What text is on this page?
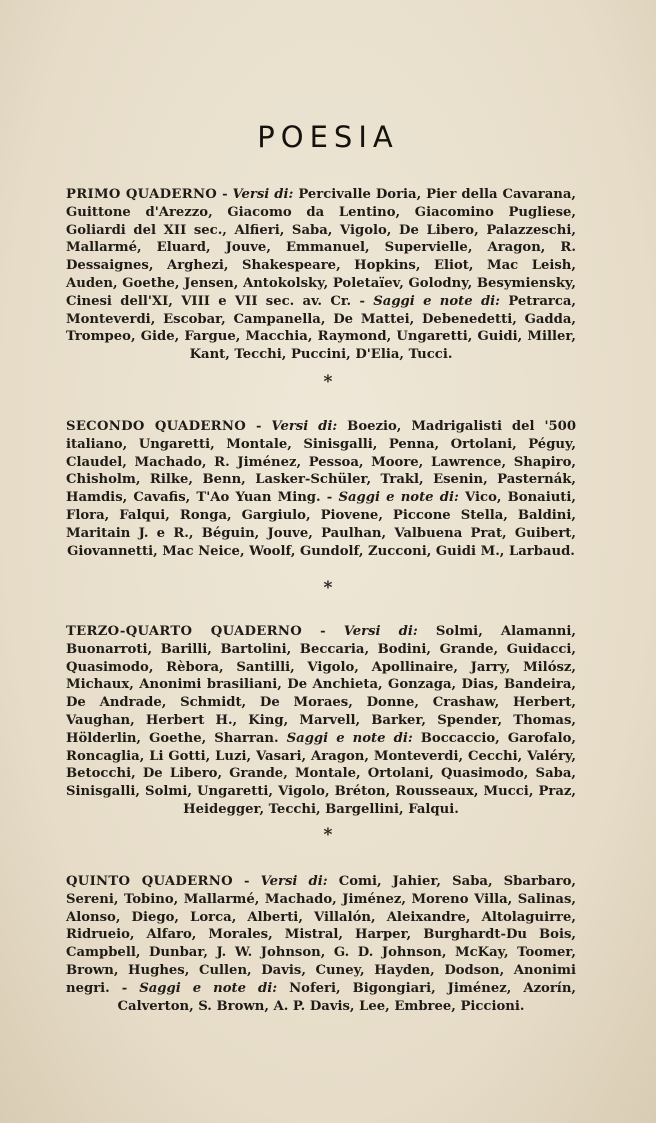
POESIA
PRIMO QUADERNO - Versi di: Percivalle Doria, Pier della Cavarana, Guittone d'Arezzo, Giacomo da Lentino, Giacomino Pugliese, Goliardi del XII sec., Alfieri, Saba, Vigolo, De Libero, Palazzeschi, Mallarmé, Eluard, Jouve, Emmanuel, Supervielle, Aragon, R. Dessaignes, Arghezi, Shakespeare, Hopkins, Eliot, Mac Leish, Auden, Goethe, Jensen, Antokolsky, Poletaïev, Golodny, Besymiensky, Cinesi dell'XI, VIII e VII sec. av. Cr. - Saggi e note di: Petrarca, Monteverdi, Escobar, Campanella, De Mattei, Debenedetti, Gadda, Trompeo, Gide, Fargue, Macchia, Raymond, Ungaretti, Guidi, Miller, Kant, Tecchi, Puccini, D'Elia, Tucci.
*
SECONDO QUADERNO - Versi di: Boezio, Madrigalisti del '500 italiano, Ungaretti, Montale, Sinisgalli, Penna, Ortolani, Péguy, Claudel, Machado, R. Jiménez, Pessoa, Moore, Lawrence, Shapiro, Chisholm, Rilke, Benn, Lasker-Schüler, Trakl, Esenin, Pasternák, Hamdis, Cavafis, T'Ao Yuan Ming. - Saggi e note di: Vico, Bonaiuti, Flora, Falqui, Ronga, Gargiulo, Piovene, Piccone Stella, Baldini, Maritain J. e R., Béguin, Jouve, Paulhan, Valbuena Prat, Guibert, Giovannetti, Mac Neice, Woolf, Gundolf, Zucconi, Guidi M., Larbaud.
*
TERZO-QUARTO QUADERNO - Versi di: Solmi, Alamanni, Buonarroti, Barilli, Bartolini, Beccaria, Bodini, Grande, Guidacci, Quasimodo, Rèbora, Santilli, Vigolo, Apollinaire, Jarry, Milósz, Michaux, Anonimi brasiliani, De Anchieta, Gonzaga, Dias, Bandeira, De Andrade, Schmidt, De Moraes, Donne, Crashaw, Herbert, Vaughan, Herbert H., King, Marvell, Barker, Spender, Thomas, Hölderlin, Goethe, Sharran. Saggi e note di: Boccaccio, Garofalo, Roncaglia, Li Gotti, Luzi, Vasari, Aragon, Monteverdi, Cecchi, Valéry, Betocchi, De Libero, Grande, Montale, Ortolani, Quasimodo, Saba, Sinisgalli, Solmi, Ungaretti, Vigolo, Bréton, Rousseaux, Mucci, Praz, Heidegger, Tecchi, Bargellini, Falqui.
*
QUINTO QUADERNO - Versi di: Comi, Jahier, Saba, Sbarbaro, Sereni, Tobino, Mallarmé, Machado, Jiménez, Moreno Villa, Salinas, Alonso, Diego, Lorca, Alberti, Villalón, Aleixandre, Altolaguirre, Ridrueio, Alfaro, Morales, Mistral, Harper, Burghardt-Du Bois, Campbell, Dunbar, J. W. Johnson, G. D. Johnson, McKay, Toomer, Brown, Hughes, Cullen, Davis, Cuney, Hayden, Dodson, Anonimi negri. - Saggi e note di: Noferi, Bigongiari, Jiménez, Azorín, Calverton, S. Brown, A. P. Davis, Lee, Embree, Piccioni.
